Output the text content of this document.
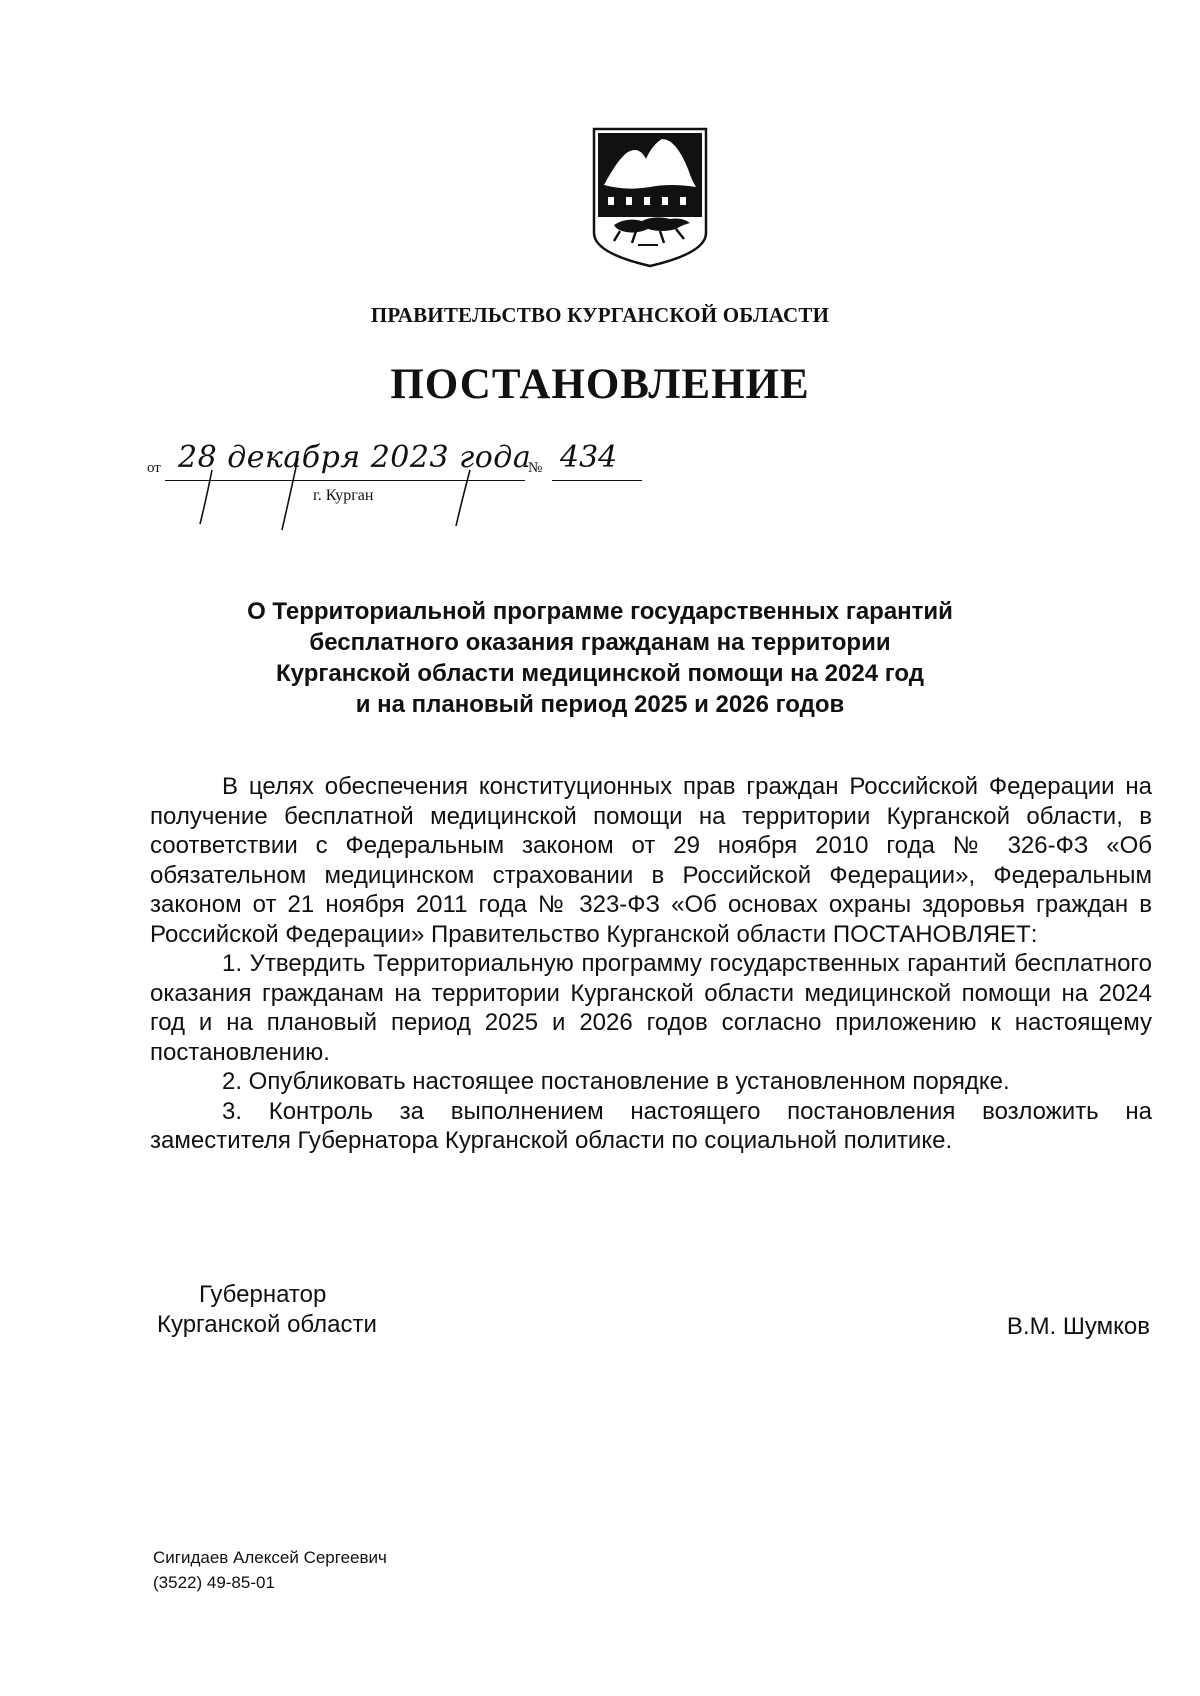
ПРАВИТЕЛЬСТВО КУРГАНСКОЙ ОБЛАСТИ
ПОСТАНОВЛЕНИЕ
от 28 декабря 2023 года
№ 434
г. Курган
О Территориальной программе государственных гарантий
бесплатного оказания гражданам на территории
Курганской области медицинской помощи на 2024 год
и на плановый период 2025 и 2026 годов

В целях обеспечения конституционных прав граждан Российской Федерации на получение бесплатной медицинской помощи на территории Курганской области, в соответствии с Федеральным законом от 29 ноября 2010 года № 326-ФЗ «Об обязательном медицинском страховании в Российской Федерации», Федеральным законом от 21 ноября 2011 года № 323-ФЗ «Об основах охраны здоровья граждан в Российской Федерации» Правительство Курганской области ПОСТАНОВЛЯЕТ:

1. Утвердить Территориальную программу государственных гарантий бесплатного оказания гражданам на территории Курганской области медицинской помощи на 2024 год и на плановый период 2025 и 2026 годов согласно приложению к настоящему постановлению.

2. Опубликовать настоящее постановление в установленном порядке.

3. Контроль за выполнением настоящего постановления возложить на заместителя Губернатора Курганской области по социальной политике.

Губернатор
Курганской области	В.М. Шумков
Сигидаев Алексей Сергеевич
(3522) 49-85-01
